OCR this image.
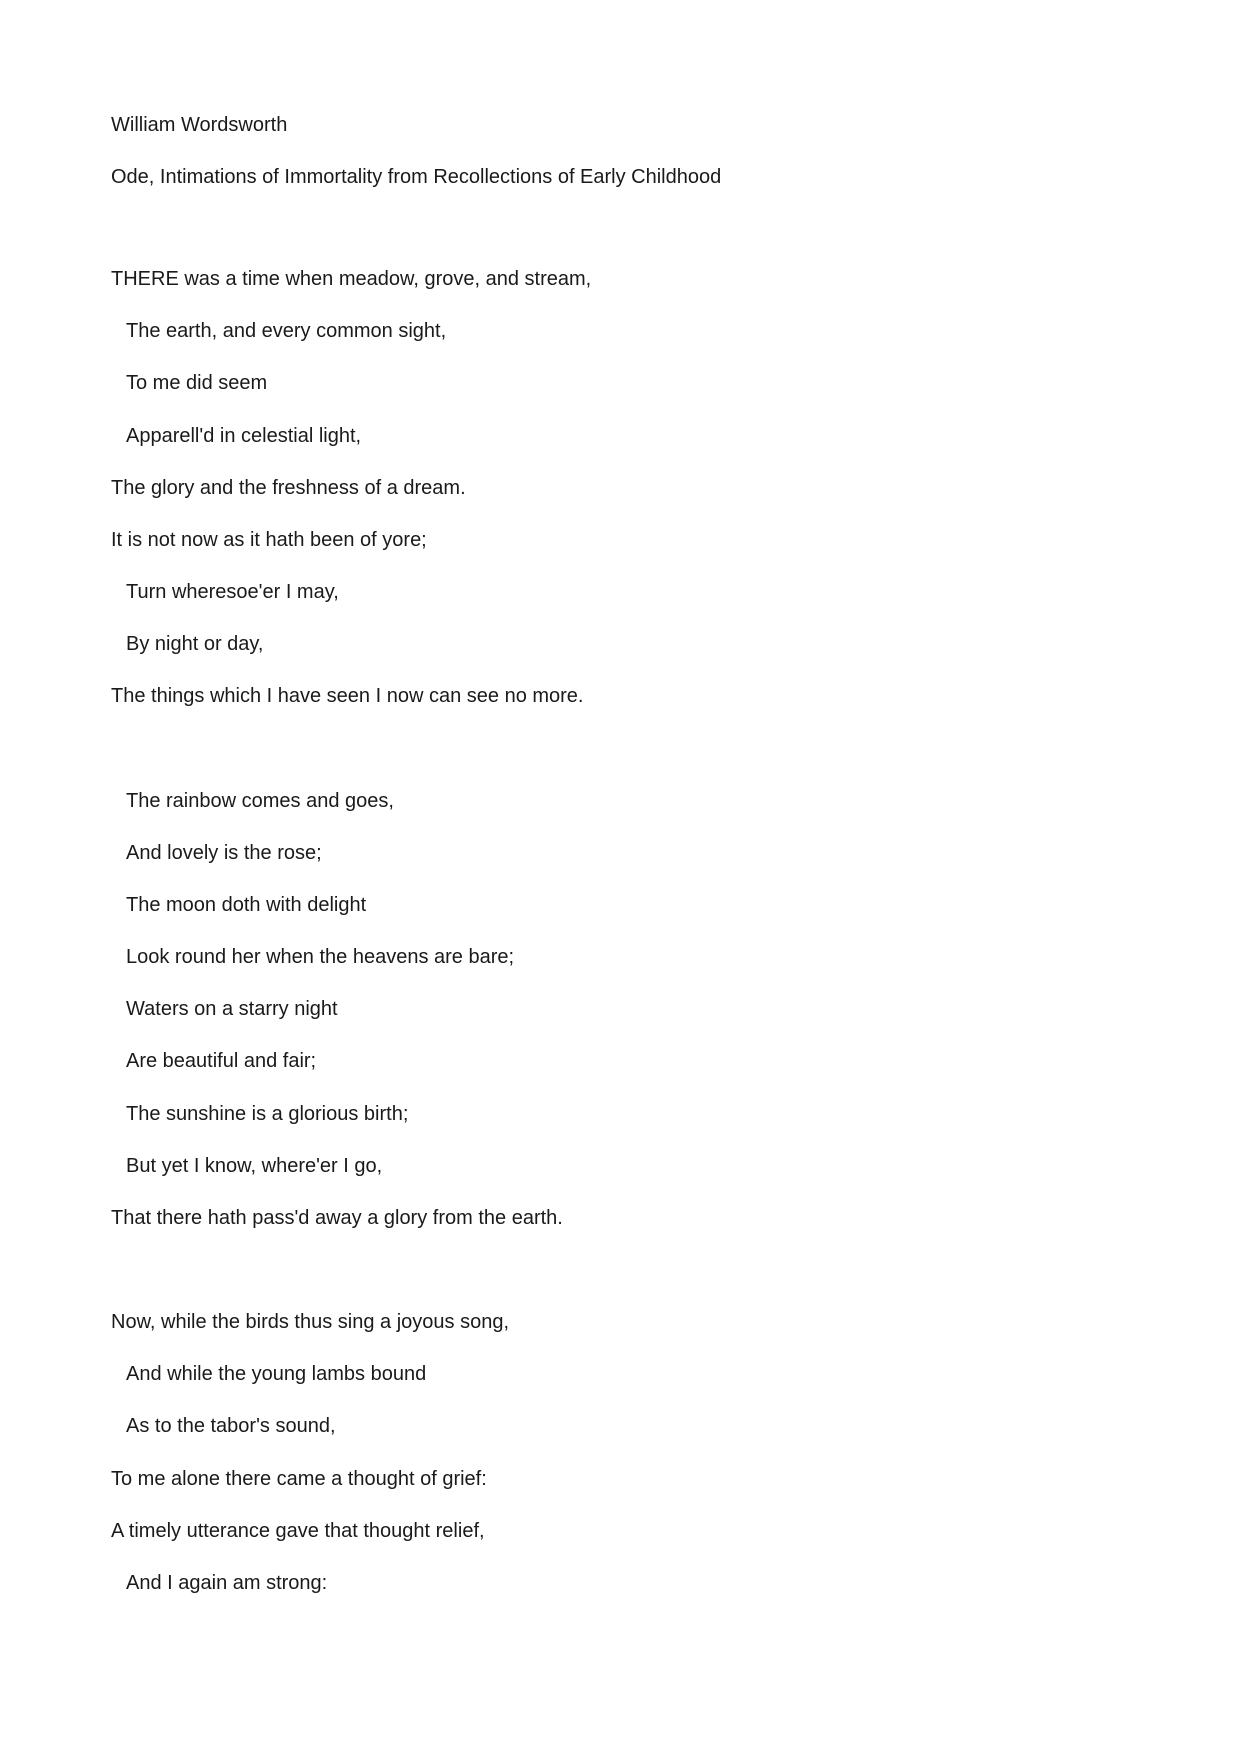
William Wordsworth
Ode, Intimations of Immortality from Recollections of Early Childhood
THERE was a time when meadow, grove, and stream,
The earth, and every common sight,
To me did seem
Apparell'd in celestial light,
The glory and the freshness of a dream.
It is not now as it hath been of yore;
Turn wheresoe'er I may,
By night or day,
The things which I have seen I now can see no more.
The rainbow comes and goes,
And lovely is the rose;
The moon doth with delight
Look round her when the heavens are bare;
Waters on a starry night
Are beautiful and fair;
The sunshine is a glorious birth;
But yet I know, where'er I go,
That there hath pass'd away a glory from the earth.
Now, while the birds thus sing a joyous song,
And while the young lambs bound
As to the tabor's sound,
To me alone there came a thought of grief:
A timely utterance gave that thought relief,
And I again am strong:
